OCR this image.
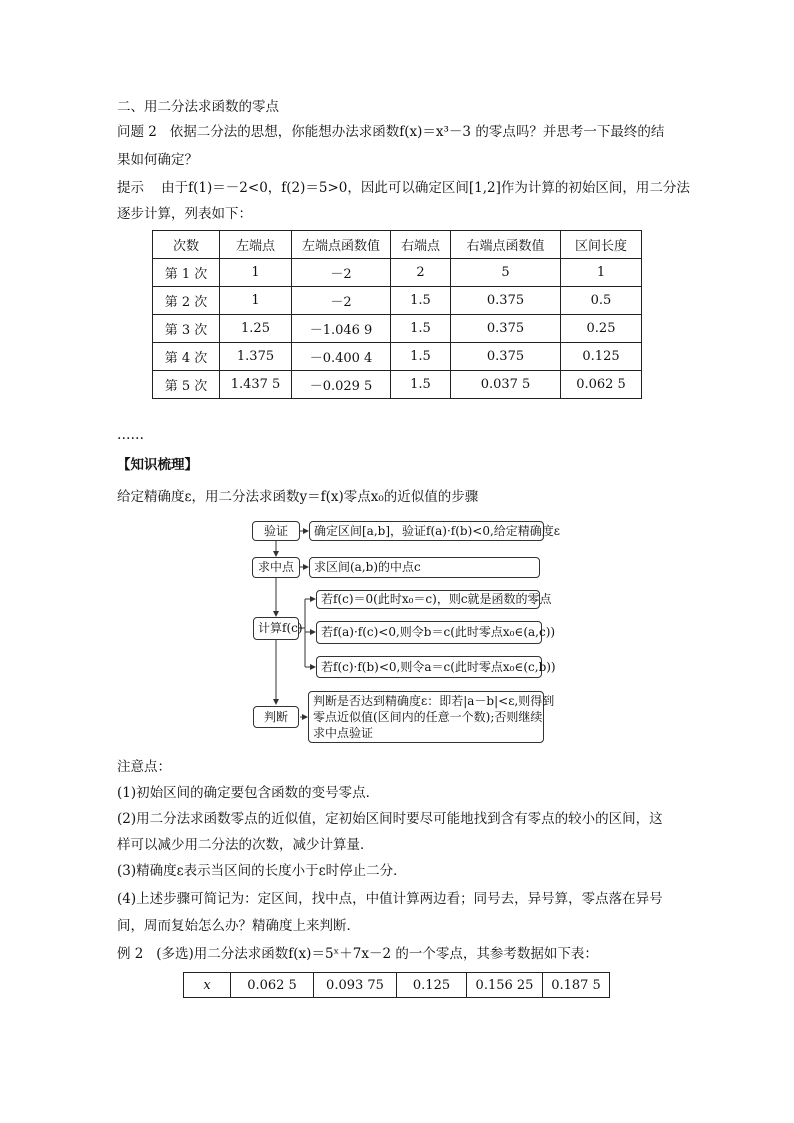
二、用二分法求函数的零点
问题 2 依据二分法的思想，你能想办法求函数f(x)＝x³－3 的零点吗？并思考一下最终的结
果如何确定？
提示 由于f(1)＝－2<0，f(2)＝5>0，因此可以确定区间[1,2]作为计算的初始区间，用二分法
逐步计算，列表如下：
次数	左端点	左端点函数值	右端点	右端点函数值	区间长度
第 1 次	1	－2	2	5	1
第 2 次	1	－2	1.5	0.375	0.5
第 3 次	1.25	－1.046 9	1.5	0.375	0.25
第 4 次	1.375	－0.400 4	1.5	0.375	0.125
第 5 次	1.437 5	－0.029 5	1.5	0.037 5	0.062 5
……
【知识梳理】
给定精确度ε，用二分法求函数y＝f(x)零点x₀的近似值的步骤
验证	确定区间[a,b]，验证f(a)·f(b)<0,给定精确度ε
求中点	求区间(a,b)的中点c
计算f(c)
若f(c)＝0(此时x₀＝c)，则c就是函数的零点
若f(a)·f(c)<0,则令b＝c(此时零点x₀∈(a,c))
若f(c)·f(b)<0,则令a＝c(此时零点x₀∈(c,b))
判断
判断是否达到精确度ε：即若|a－b|<ε,则得到
零点近似值(区间内的任意一个数);否则继续
求中点验证
注意点：
(1)初始区间的确定要包含函数的变号零点．
(2)用二分法求函数零点的近似值，定初始区间时要尽可能地找到含有零点的较小的区间，这
样可以减少用二分法的次数，减少计算量．
(3)精确度ε表示当区间的长度小于ε时停止二分．
(4)上述步骤可简记为：定区间，找中点，中值计算两边看；同号去，异号算，零点落在异号
间，周而复始怎么办？精确度上来判断．
例 2 (多选)用二分法求函数f(x)＝5ˣ＋7x－2 的一个零点，其参考数据如下表：
x	0.062 5	0.093 75	0.125	0.156 25	0.187 5
